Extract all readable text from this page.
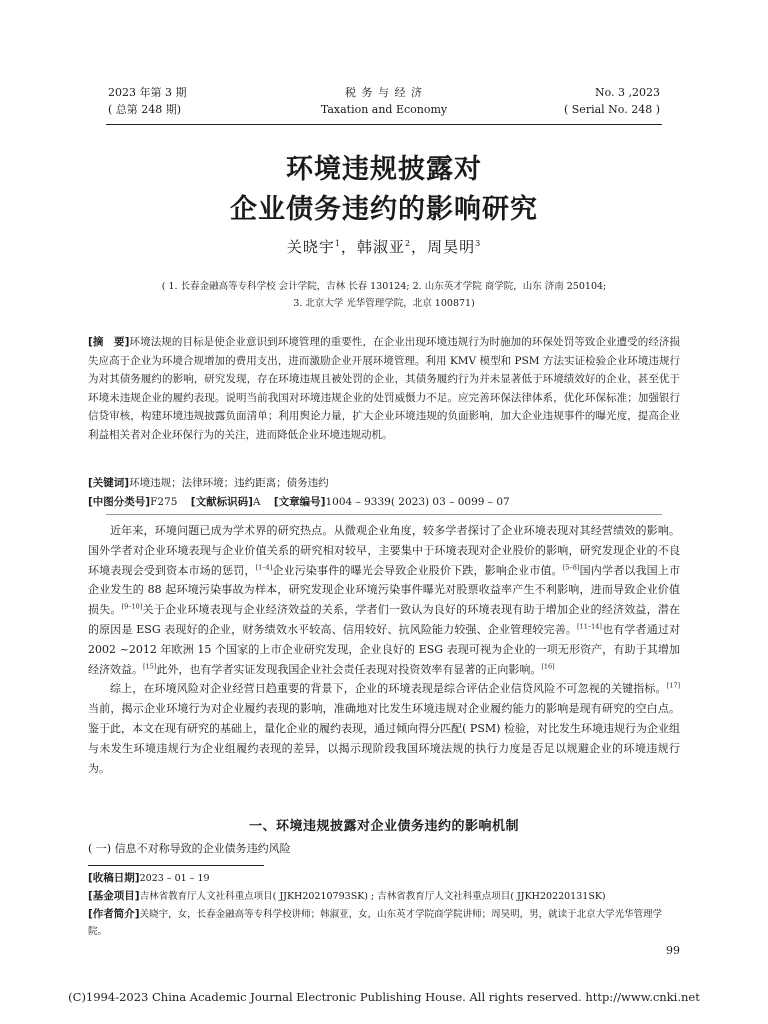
2023 年第 3 期
( 总第 248 期)
税 务 与 经 济
Taxation and Economy
No. 3 ,2023
( Serial No. 248 )
环境违规披露对
企业债务违约的影响研究
关晓宇$^1$，韩淑亚$^2$，周昊明$^3$
( 1. 长春金融高等专科学校 会计学院，吉林 长春 130124; 2. 山东英才学院 商学院，山东 济南 250104;
3. 北京大学 光华管理学院，北京 100871)
[摘　要]环境法规的目标是使企业意识到环境管理的重要性，在企业出现环境违规行为时施加的环保处罚等致企业遭受的经济损失应高于企业为环境合规增加的费用支出，进而激励企业开展环境管理。利用 KMV 模型和 PSM 方法实证检验企业环境违规行为对其债务履约的影响，研究发现，存在环境违规且被处罚的企业，其债务履约行为并未显著低于环境绩效好的企业，甚至优于环境未违规企业的履约表现。说明当前我国对环境违规企业的处罚威慑力不足。应完善环保法律体系，优化环保标准；加强银行信贷审核，构建环境违规披露负面清单；利用舆论力量，扩大企业环境违规的负面影响，加大企业违规事件的曝光度，提高企业利益相关者对企业环保行为的关注，进而降低企业环境违规动机。
[关键词]环境违规；法律环境；违约距离；债务违约
[中图分类号]F275 [文献标识码]A [文章编号]1004 – 9339( 2023) 03 – 0099 – 07

近年来，环境问题已成为学术界的研究热点。从微观企业角度，较多学者探讨了企业环境表现对其经营绩效的影响。国外学者对企业环境表现与企业价值关系的研究相对较早，主要集中于环境表现对企业股价的影响，研究发现企业的不良环境表现会受到资本市场的惩罚，[1–4]企业污染事件的曝光会导致企业股价下跌，影响企业市值。[5–8]国内学者以我国上市企业发生的 88 起环境污染事故为样本，研究发现企业环境污染事件曝光对股票收益率产生不利影响，进而导致企业价值损失。[9–10]关于企业环境表现与企业经济效益的关系，学者们一致认为良好的环境表现有助于增加企业的经济效益，潜在的原因是 ESG 表现好的企业，财务绩效水平较高、信用较好、抗风险能力较强、企业管理较完善。[11–14]也有学者通过对 2002 ~2012 年欧洲 15 个国家的上市企业研究发现，企业良好的 ESG 表现可视为企业的一项无形资产，有助于其增加经济效益。[15]此外，也有学者实证发现我国企业社会责任表现对投资效率有显著的正向影响。[16]

综上，在环境风险对企业经营日趋重要的背景下，企业的环境表现是综合评估企业信贷风险不可忽视的关键指标。[17]当前，揭示企业环境行为对企业履约表现的影响，准确地对比发生环境违规对企业履约能力的影响是现有研究的空白点。鉴于此，本文在现有研究的基础上，量化企业的履约表现，通过倾向得分匹配( PSM) 检验，对比发生环境违规行为企业组与未发生环境违规行为企业组履约表现的差异，以揭示现阶段我国环境法规的执行力度是否足以规避企业的环境违规行为。

一、环境违规披露对企业债务违约的影响机制
( 一) 信息不对称导致的企业债务违约风险
[收稿日期]2023 – 01 – 19
[基金项目]吉林省教育厅人文社科重点项目( JJKH20210793SK) ; 吉林省教育厅人文社科重点项目( JJKH20220131SK)
[作者简介]关晓宇，女，长春金融高等专科学校讲师；韩淑亚，女，山东英才学院商学院讲师；周昊明，男，就读于北京大学光华管理学院。
99
(C)1994-2023 China Academic Journal Electronic Publishing House. All rights reserved. http://www.cnki.net
